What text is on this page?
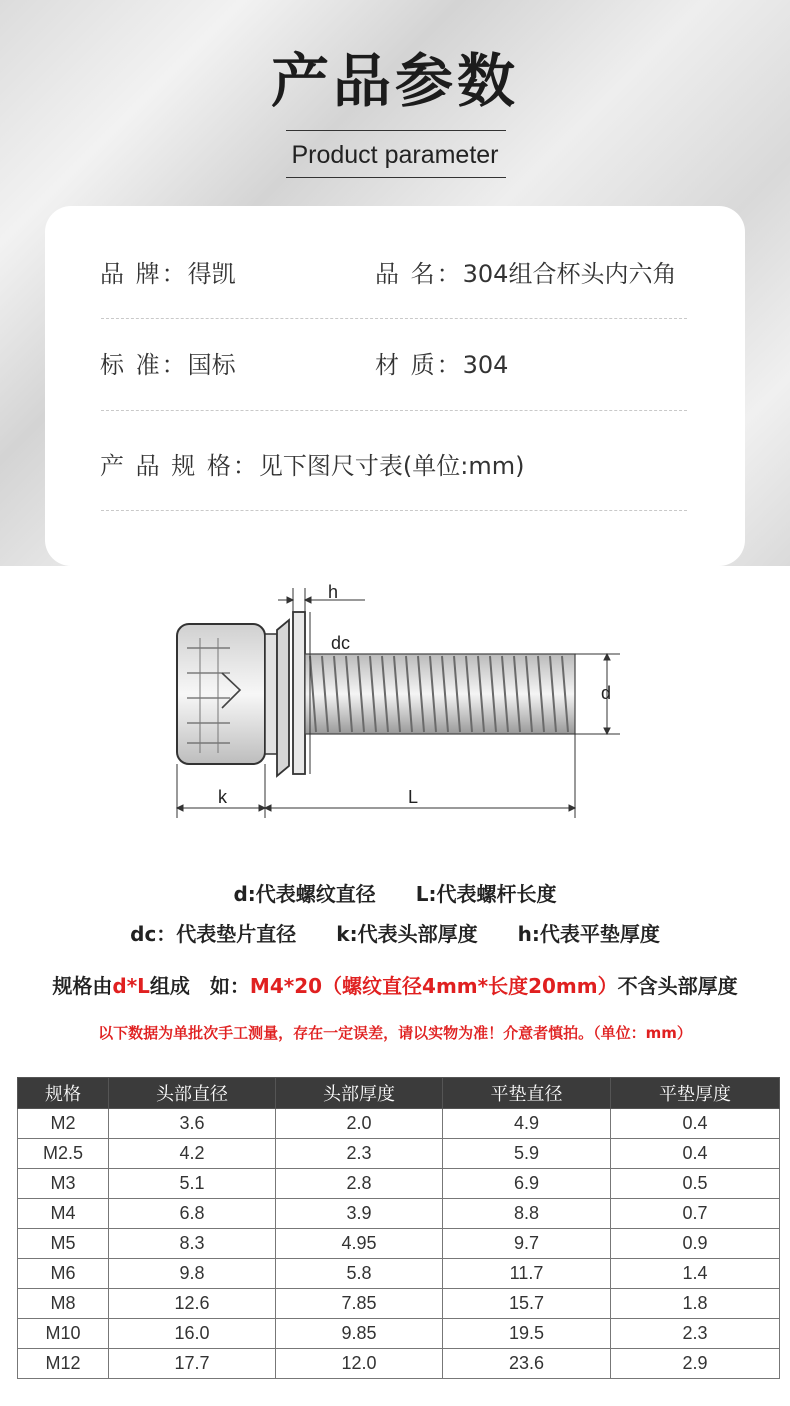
产品参数
Product parameter
品 牌：得凯	品 名：304组合杯头内六角
标 准：国标	材 质：304
产 品 规 格：见下图尺寸表(单位:mm)
h
dc
d
k	L
d:代表螺纹直径 L:代表螺杆长度
dc：代表垫片直径 k:代表头部厚度 h:代表平垫厚度
规格由d*L组成　如：M4*20（螺纹直径4mm*长度20mm）不含头部厚度
以下数据为单批次手工测量，存在一定误差，请以实物为准！介意者慎拍。（单位：mm）
规格	头部直径	头部厚度	平垫直径	平垫厚度
M2	3.6	2.0	4.9	0.4
M2.5	4.2	2.3	5.9	0.4
M3	5.1	2.8	6.9	0.5
M4	6.8	3.9	8.8	0.7
M5	8.3	4.95	9.7	0.9
M6	9.8	5.8	11.7	1.4
M8	12.6	7.85	15.7	1.8
M10	16.0	9.85	19.5	2.3
M12	17.7	12.0	23.6	2.9
